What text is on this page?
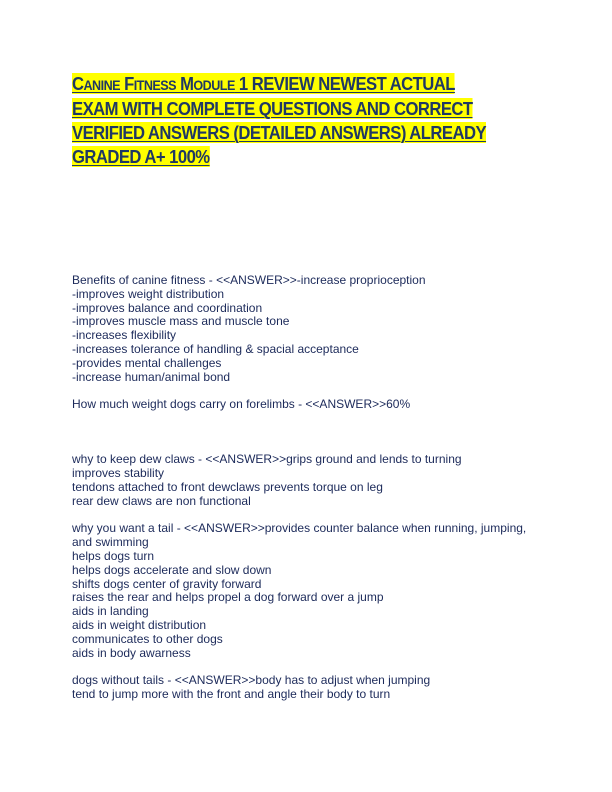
CANINE FITNESS MODULE 1 REVIEW NEWEST ACTUAL EXAM WITH COMPLETE QUESTIONS AND CORRECT VERIFIED ANSWERS (DETAILED ANSWERS) ALREADY GRADED A+ 100%
Benefits of canine fitness - <<ANSWER>>-increase proprioception
-improves weight distribution
-improves balance and coordination
-improves muscle mass and muscle tone
-increases flexibility
-increases tolerance of handling & spacial acceptance
-provides mental challenges
-increase human/animal bond
How much weight dogs carry on forelimbs - <<ANSWER>>60%
why to keep dew claws - <<ANSWER>>grips ground and lends to turning
improves stability
tendons attached to front dewclaws prevents torque on leg
rear dew claws are non functional
why you want a tail - <<ANSWER>>provides counter balance when running, jumping,
and swimming
helps dogs turn
helps dogs accelerate and slow down
shifts dogs center of gravity forward
raises the rear and helps propel a dog forward over a jump
aids in landing
aids in weight distribution
communicates to other dogs
aids in body awarness
dogs without tails - <<ANSWER>>body has to adjust when jumping
tend to jump more with the front and angle their body to turn
